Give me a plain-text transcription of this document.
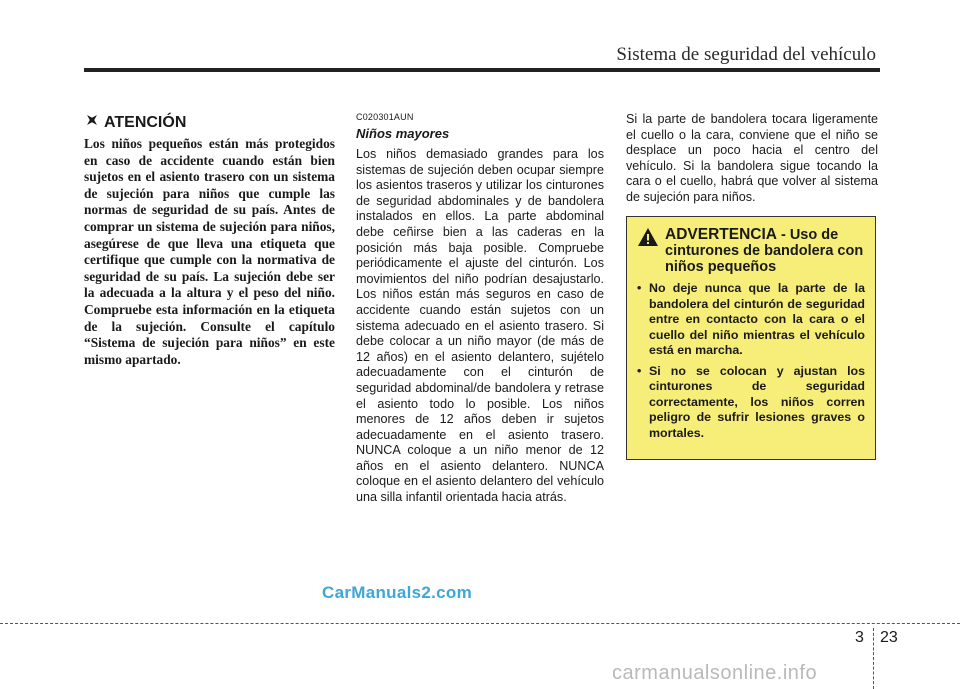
Sistema de seguridad del vehículo
ATENCIÓN

Los niños pequeños están más protegidos en caso de accidente cuando están bien sujetos en el asiento trasero con un sistema de sujeción para niños que cumple las normas de seguridad de su país. Antes de comprar un sistema de sujeción para niños, asegúrese de que lleva una etiqueta que certifique que cumple con la normativa de seguridad de su país. La sujeción debe ser la adecuada a la altura y el peso del niño. Compruebe esta información en la etiqueta de la sujeción. Consulte el capítulo “Sistema de sujeción para niños” en este mismo apartado.

C020301AUN

Niños mayores

Los niños demasiado grandes para los sistemas de sujeción deben ocupar siempre los asientos traseros y utilizar los cinturones de seguridad abdominales y de bandolera instalados en ellos. La parte abdominal debe ceñirse bien a las caderas en la posición más baja posible. Compruebe periódicamente el ajuste del cinturón. Los movimientos del niño podrían desajustarlo. Los niños están más seguros en caso de accidente cuando están sujetos con un sistema adecuado en el asiento trasero. Si debe colocar a un niño mayor (de más de 12 años) en el asiento delantero, sujételo adecuadamente con el cinturón de seguridad abdominal/de bandolera y retrase el asiento todo lo posible. Los niños menores de 12 años deben ir sujetos adecuadamente en el asiento trasero. NUNCA coloque a un niño menor de 12 años en el asiento delantero. NUNCA coloque en el asiento delantero del vehículo una silla infantil orientada hacia atrás.

Si la parte de bandolera tocara ligeramente el cuello o la cara, conviene que el niño se desplace un poco hacia el centro del vehículo. Si la bandolera sigue tocando la cara o el cuello, habrá que volver al sistema de sujeción para niños.

ADVERTENCIA - Uso de cinturones de bandolera con niños pequeños
• No deje nunca que la parte de la bandolera del cinturón de seguridad entre en contacto con la cara o el cuello del niño mientras el vehículo está en marcha.
• Si no se colocan y ajustan los cinturones de seguridad correctamente, los niños corren peligro de sufrir lesiones graves o mortales.
CarManuals2.com
3 23
carmanualsonline.info
